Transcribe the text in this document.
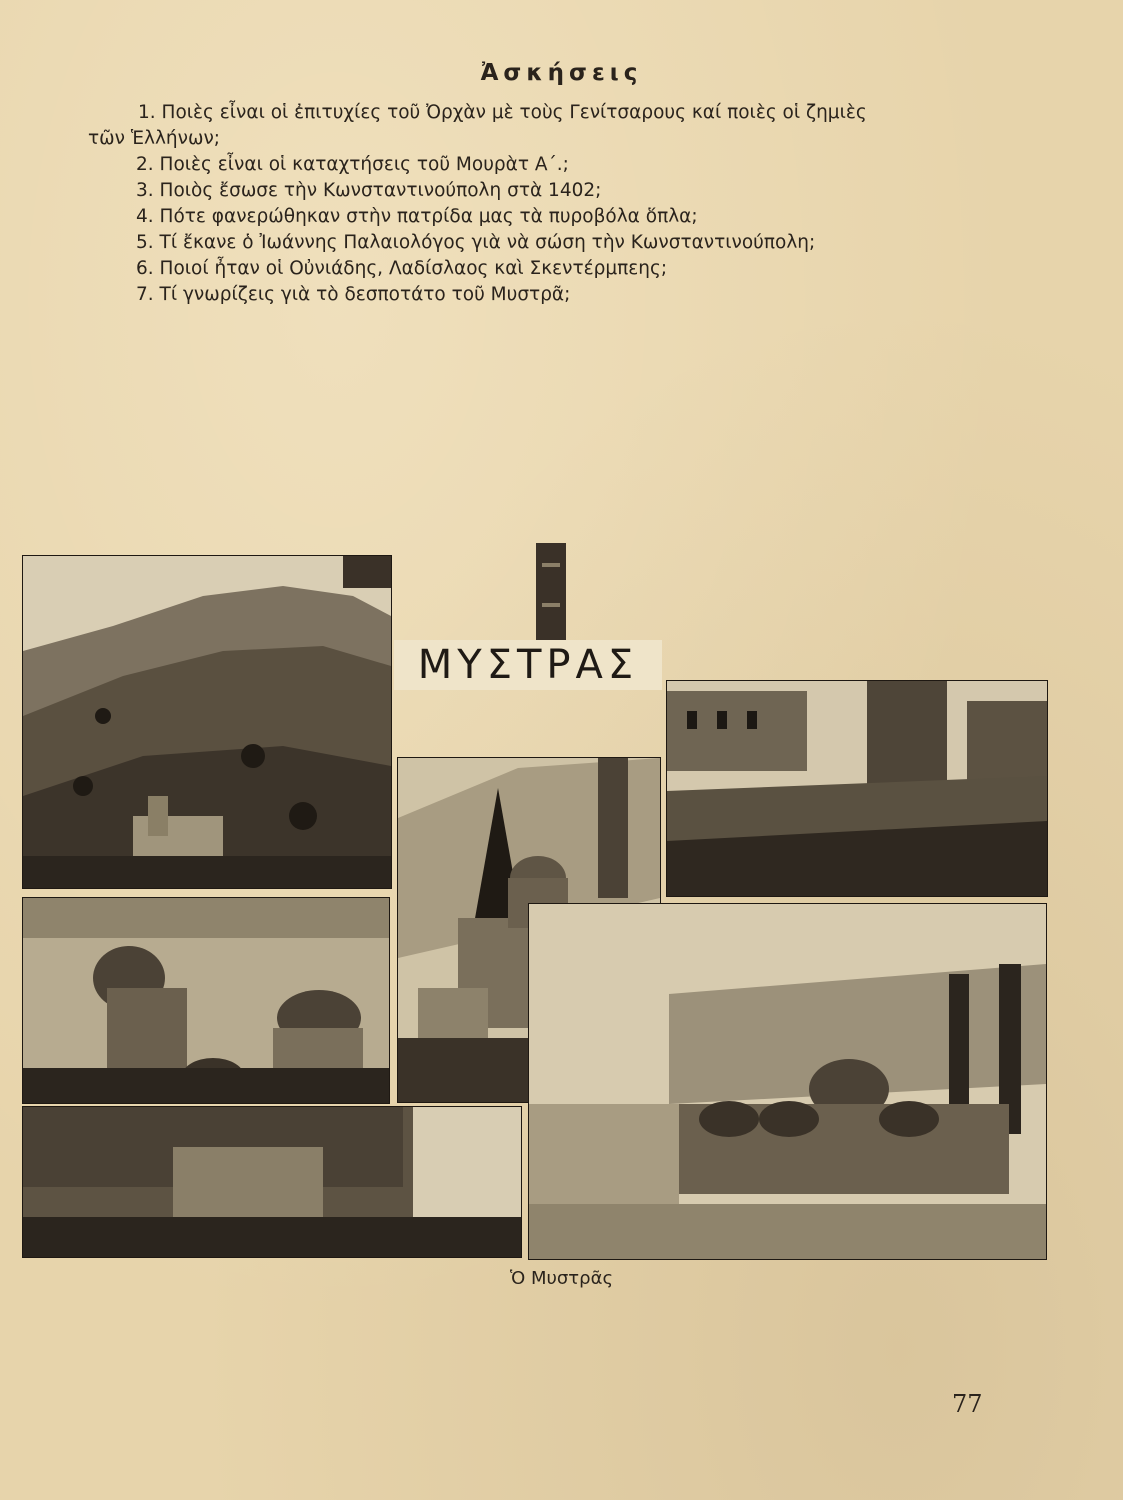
Ἀσκήσεις

1. Ποιὲς εἶναι οἱ ἐπιτυχίες τοῦ Ὀρχὰν μὲ τοὺς Γενίτσαρους καί ποιὲς οἱ ζημιὲς
τῶν Ἑλλήνων;

2. Ποιὲς εἶναι οἱ καταχτήσεις τοῦ Μουρὰτ Α΄.;

3. Ποιὸς ἔσωσε τὴν Κωνσταντινούπολη στὰ 1402;

4. Πότε φανερώθηκαν στὴν πατρίδα μας τὰ πυροβόλα ὅπλα;

5. Τί ἔκανε ὁ Ἰωάννης Παλαιολόγος γιὰ νὰ σώση τὴν Κωνσταντινούπολη;

6. Ποιοί ἦταν οἱ Οὐνιάδης, Λαδίσλαος καὶ Σκεντέρμπεης;

7. Τί γνωρίζεις γιὰ τὸ δεσποτάτο τοῦ Μυστρᾶ;

ΜΥΣΤΡΑΣ
Ὁ Μυστρᾶς
77
